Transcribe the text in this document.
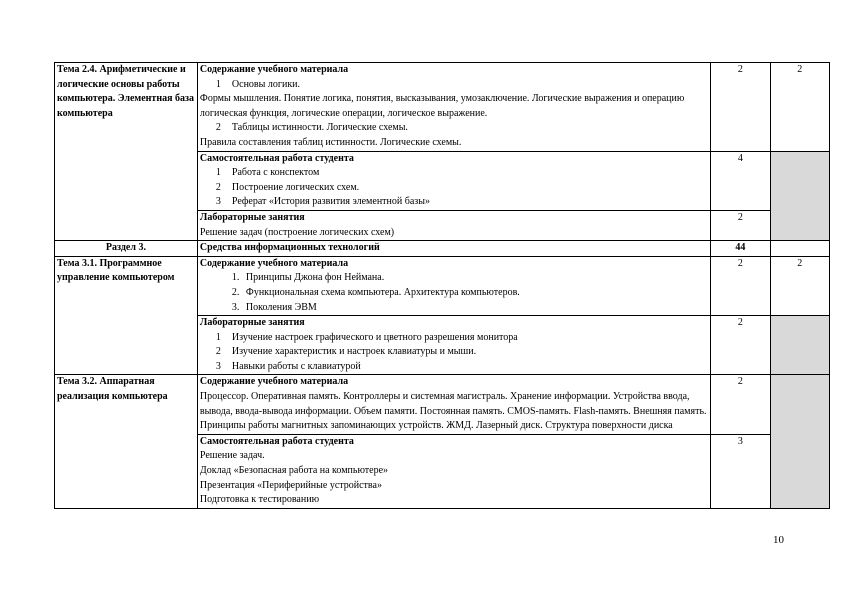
Тема 2.4. Арифметические и логические основы работы компьютера. Элементная база компьютера	Содержание учебного материала
1 Основы логики.
Формы мышления. Понятие логика, понятия, высказывания, умозаключение. Логические выражения и операцию логическая функция, логические операции, логическое выражение.
2 Таблицы истинности. Логические схемы.
Правила составления таблиц истинности. Логические схемы.	2	2

	Самостоятельная работа студента
1 Работа с конспектом
2 Построение логических схем.
3 Реферат «История развития элементной базы»	4	

	Лабораторные занятия
Решение задач (построение логических схем)	2	
Раздел 3.	Средства информационных технологий	44	
Тема 3.1. Программное управление компьютером	Содержание учебного материала
1. Принципы Джона фон Неймана.
2. Функциональная схема компьютера. Архитектура компьютеров.
3. Поколения ЭВМ	2	2

	Лабораторные занятия
1 Изучение настроек графического и цветного разрешения монитора
2 Изучение характеристик и настроек клавиатуры и мыши.
3 Навыки работы с клавиатурой	2	
Тема 3.2. Аппаратная реализация компьютера	Содержание учебного материала
Процессор. Оперативная память. Контроллеры и системная магистраль. Хранение информации. Устройства ввода, вывода, ввода-вывода информации. Объем памяти. Постоянная память. CMOS-память. Flash-память. Внешняя память. Принципы работы магнитных запоминающих устройств. ЖМД. Лазерный диск. Структура поверхности диска	2	

	Самостоятельная работа студента
Решение задач.
Доклад «Безопасная работа на компьютере»
Презентация «Периферийные устройства»
Подготовка к тестированию	3	
10
